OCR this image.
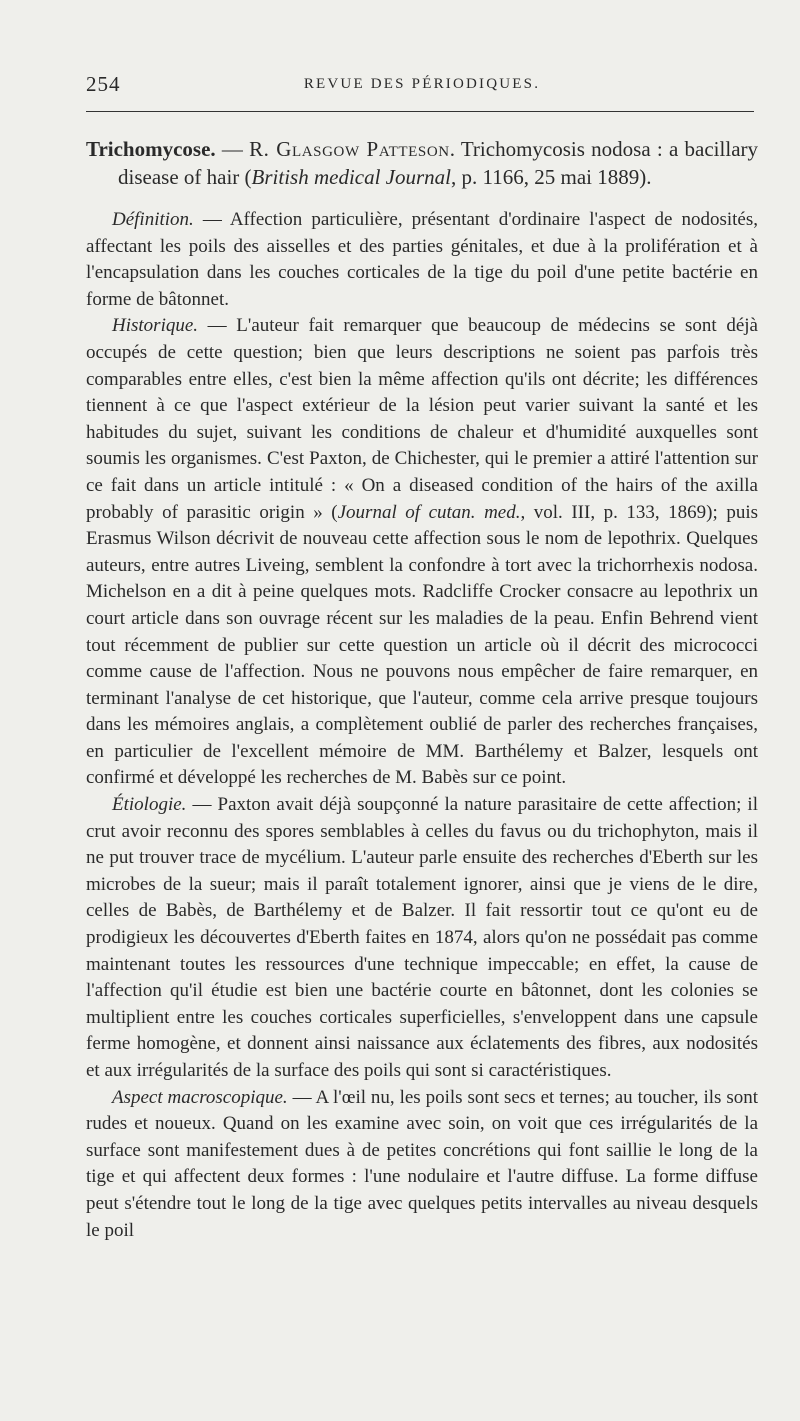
254	REVUE DES PÉRIODIQUES.

Trichomycose. — R. Glasgow Patteson. Trichomycosis nodosa : a bacillary disease of hair (British medical Journal, p. 1166, 25 mai 1889).

Définition. — Affection particulière, présentant d'ordinaire l'aspect de nodosités, affectant les poils des aisselles et des parties génitales, et due à la prolifération et à l'encapsulation dans les couches corticales de la tige du poil d'une petite bactérie en forme de bâtonnet.

Historique. — L'auteur fait remarquer que beaucoup de médecins se sont déjà occupés de cette question; bien que leurs descriptions ne soient pas parfois très comparables entre elles, c'est bien la même affection qu'ils ont décrite; les différences tiennent à ce que l'aspect extérieur de la lésion peut varier suivant la santé et les habitudes du sujet, suivant les conditions de chaleur et d'humidité auxquelles sont soumis les organismes. C'est Paxton, de Chichester, qui le premier a attiré l'attention sur ce fait dans un article intitulé : « On a diseased condition of the hairs of the axilla probably of parasitic origin » (Journal of cutan. med., vol. III, p. 133, 1869); puis Erasmus Wilson décrivit de nouveau cette affection sous le nom de lepothrix. Quelques auteurs, entre autres Liveing, semblent la confondre à tort avec la trichorrhexis nodosa. Michelson en a dit à peine quelques mots. Radcliffe Crocker consacre au lepothrix un court article dans son ouvrage récent sur les maladies de la peau. Enfin Behrend vient tout récemment de publier sur cette question un article où il décrit des micrococci comme cause de l'affection. Nous ne pouvons nous empêcher de faire remarquer, en terminant l'analyse de cet historique, que l'auteur, comme cela arrive presque toujours dans les mémoires anglais, a complètement oublié de parler des recherches françaises, en particulier de l'excellent mémoire de MM. Barthélemy et Balzer, lesquels ont confirmé et développé les recherches de M. Babès sur ce point.

Étiologie. — Paxton avait déjà soupçonné la nature parasitaire de cette affection; il crut avoir reconnu des spores semblables à celles du favus ou du trichophyton, mais il ne put trouver trace de mycélium. L'auteur parle ensuite des recherches d'Eberth sur les microbes de la sueur; mais il paraît totalement ignorer, ainsi que je viens de le dire, celles de Babès, de Barthélemy et de Balzer. Il fait ressortir tout ce qu'ont eu de prodigieux les découvertes d'Eberth faites en 1874, alors qu'on ne possédait pas comme maintenant toutes les ressources d'une technique impeccable; en effet, la cause de l'affection qu'il étudie est bien une bactérie courte en bâtonnet, dont les colonies se multiplient entre les couches corticales superficielles, s'enveloppent dans une capsule ferme homogène, et donnent ainsi naissance aux éclatements des fibres, aux nodosités et aux irrégularités de la surface des poils qui sont si caractéristiques.

Aspect macroscopique. — A l'œil nu, les poils sont secs et ternes; au toucher, ils sont rudes et noueux. Quand on les examine avec soin, on voit que ces irrégularités de la surface sont manifestement dues à de petites concrétions qui font saillie le long de la tige et qui affectent deux formes : l'une nodulaire et l'autre diffuse. La forme diffuse peut s'étendre tout le long de la tige avec quelques petits intervalles au niveau desquels le poil
